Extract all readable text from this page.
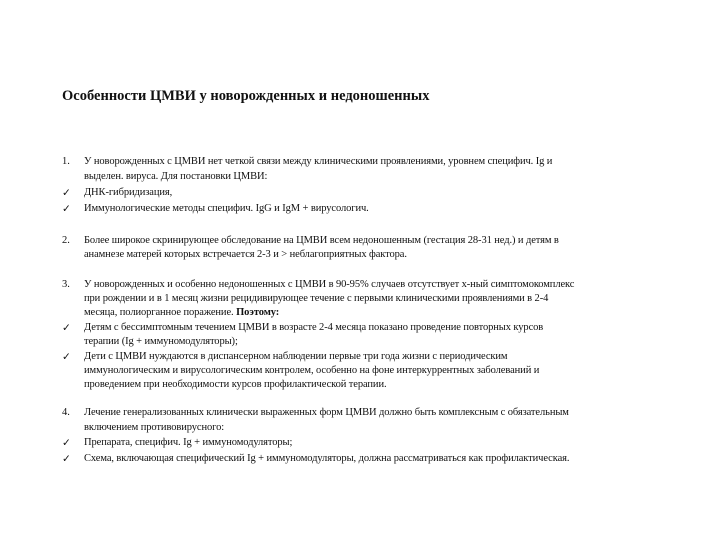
Особенности ЦМВИ у новорожденных и недоношенных
1. У новорожденных с ЦМВИ нет четкой связи между клиническими проявлениями, уровнем специфич. Ig и
выделен. вируса. Для постановки ЦМВИ:
✓ ДНК-гибридизация,
✓ Иммунологические методы специфич. IgG и IgM + вирусологич.
2. Более широкое скринирующее обследование на ЦМВИ всем недоношенным (гестация 28-31 нед.) и детям в
анамнезе матерей которых встречается 2-3 и > неблагоприятных фактора.
3. У новорожденных и особенно недоношенных с ЦМВИ в 90-95% случаев отсутствует х-ный симптомокомплекс
при рождении и в 1 месяц жизни рецидивирующее течение с первыми клиническими проявлениями в 2-4
месяца, полиорганное поражение. Поэтому:
✓ Детям с бессимптомным течением ЦМВИ в возрасте 2-4 месяца показано проведение повторных курсов
терапии (Ig + иммуномодуляторы);
✓ Дети с ЦМВИ нуждаются в диспансерном наблюдении первые три года жизни с периодическим
иммунологическим и вирусологическим контролем, особенно на фоне интеркуррентных заболеваний и
проведением при необходимости курсов профилактической терапии.
4. Лечение генерализованных клинически выраженных форм ЦМВИ должно быть комплексным с обязательным
включением противовирусного:
✓ Препарата, специфич. Ig + иммуномодуляторы;
✓ Схема, включающая специфический Ig + иммуномодуляторы, должна рассматриваться как профилактическая.
